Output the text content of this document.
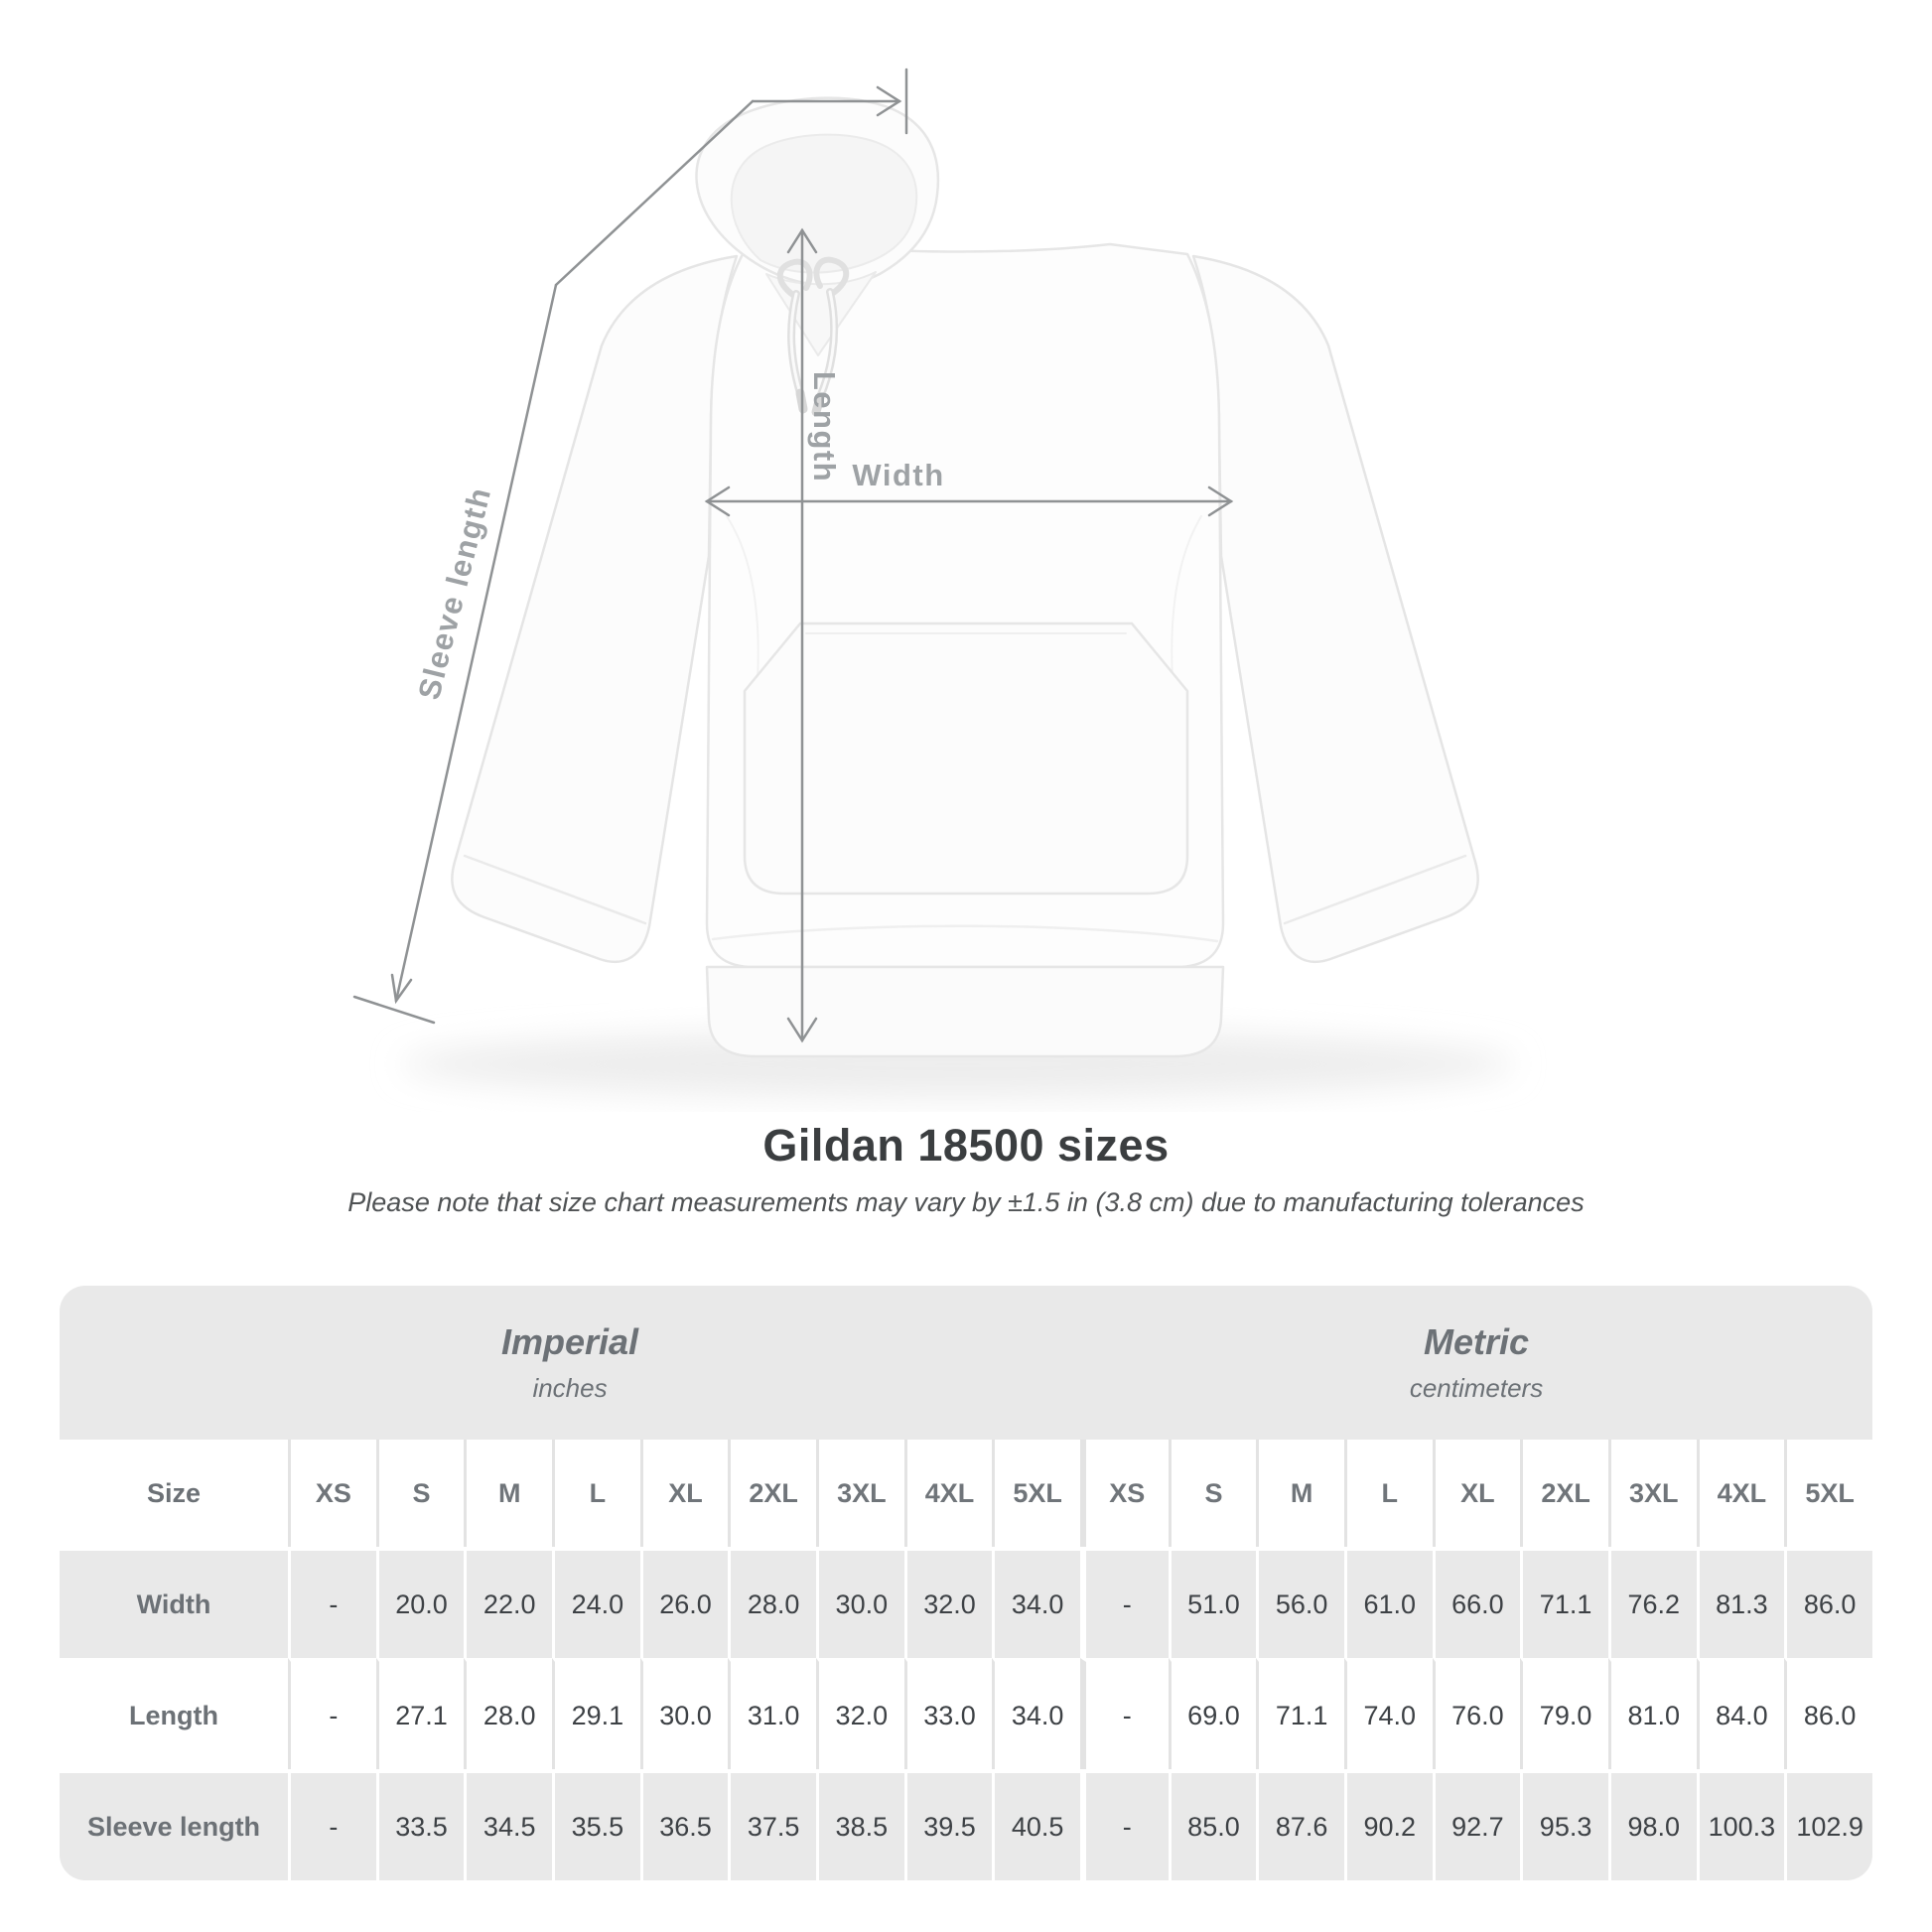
Width
Length
Sleeve length
Gildan 18500 sizes

Please note that size chart measurements may vary by ±1.5 in (3.8 cm) due to manufacturing tolerances

Imperial
inches
Metric
centimeters
Size	XS	S	M	L	XL	2XL	3XL	4XL	5XL	XS	S	M	L	XL	2XL	3XL	4XL	5XL
Width	-	20.0	22.0	24.0	26.0	28.0	30.0	32.0	34.0	-	51.0	56.0	61.0	66.0	71.1	76.2	81.3	86.0
Length	-	27.1	28.0	29.1	30.0	31.0	32.0	33.0	34.0	-	69.0	71.1	74.0	76.0	79.0	81.0	84.0	86.0
Sleeve length	-	33.5	34.5	35.5	36.5	37.5	38.5	39.5	40.5	-	85.0	87.6	90.2	92.7	95.3	98.0	100.3	102.9
